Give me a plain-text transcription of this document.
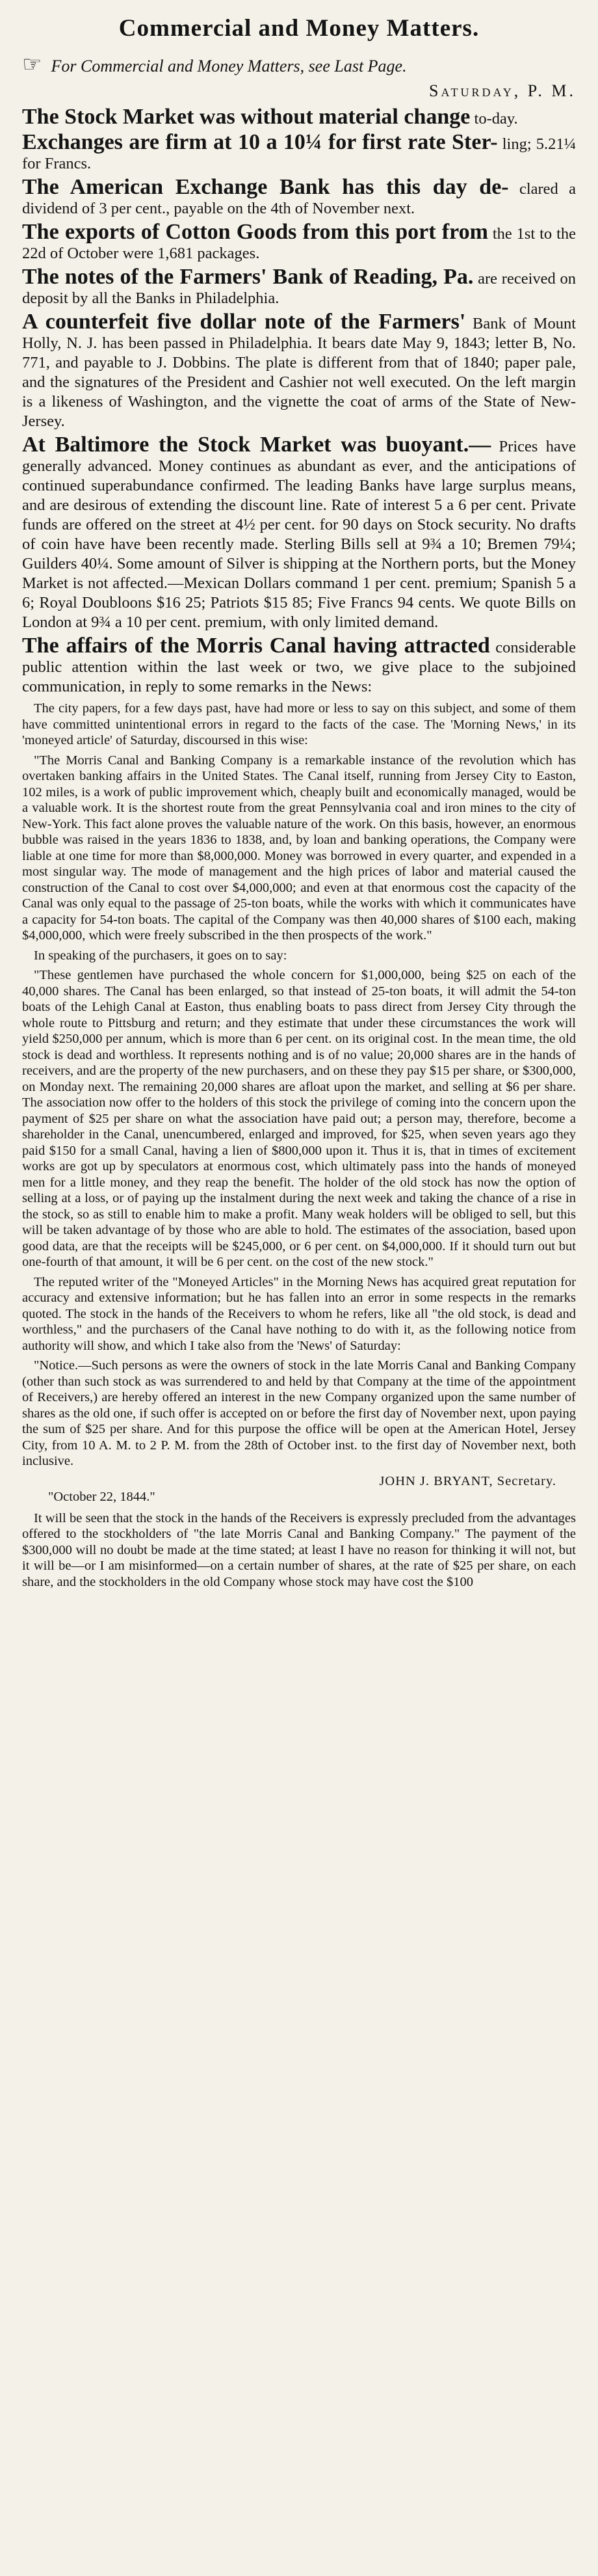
Commercial and Money Matters.
☞ For Commercial and Money Matters, see Last Page.
Saturday, P. M.

The Stock Market was without material change to-day.

Exchanges are firm at 10 a 10¼ for first rate Ster- ling; 5.21¼ for Francs.

The American Exchange Bank has this day de- clared a dividend of 3 per cent., payable on the 4th of November next.

The exports of Cotton Goods from this port from the 1st to the 22d of October were 1,681 packages.

The notes of the Farmers' Bank of Reading, Pa. are received on deposit by all the Banks in Philadelphia.

A counterfeit five dollar note of the Farmers' Bank of Mount Holly, N. J. has been passed in Philadelphia. It bears date May 9, 1843; letter B, No. 771, and payable to J. Dobbins. The plate is different from that of 1840; paper pale, and the signatures of the President and Cashier not well executed. On the left margin is a likeness of Washington, and the vignette the coat of arms of the State of New-Jersey.

At Baltimore the Stock Market was buoyant.— Prices have generally advanced. Money continues as abundant as ever, and the anticipations of continued superabundance confirmed. The leading Banks have large surplus means, and are desirous of extending the discount line. Rate of interest 5 a 6 per cent. Private funds are offered on the street at 4½ per cent. for 90 days on Stock security. No drafts of coin have have been recently made. Sterling Bills sell at 9¾ a 10; Bremen 79¼; Guilders 40¼. Some amount of Silver is shipping at the Northern ports, but the Money Market is not affected.—Mexican Dollars command 1 per cent. premium; Spanish 5 a 6; Royal Doubloons $16 25; Patriots $15 85; Five Francs 94 cents. We quote Bills on London at 9¾ a 10 per cent. premium, with only limited demand.

The affairs of the Morris Canal having attracted considerable public attention within the last week or two, we give place to the subjoined communication, in reply to some remarks in the News:

The city papers, for a few days past, have had more or less to say on this subject, and some of them have committed unintentional errors in regard to the facts of the case. The 'Morning News,' in its 'moneyed article' of Saturday, discoursed in this wise:

"The Morris Canal and Banking Company is a remarkable instance of the revolution which has overtaken banking affairs in the United States. The Canal itself, running from Jersey City to Easton, 102 miles, is a work of public improvement which, cheaply built and economically managed, would be a valuable work. It is the shortest route from the great Pennsylvania coal and iron mines to the city of New-York. This fact alone proves the valuable nature of the work. On this basis, however, an enormous bubble was raised in the years 1836 to 1838, and, by loan and banking operations, the Company were liable at one time for more than $8,000,000. Money was borrowed in every quarter, and expended in a most singular way. The mode of management and the high prices of labor and material caused the construction of the Canal to cost over $4,000,000; and even at that enormous cost the capacity of the Canal was only equal to the passage of 25-ton boats, while the works with which it communicates have a capacity for 54-ton boats. The capital of the Company was then 40,000 shares of $100 each, making $4,000,000, which were freely subscribed in the then prospects of the work."

In speaking of the purchasers, it goes on to say:

"These gentlemen have purchased the whole concern for $1,000,000, being $25 on each of the 40,000 shares. The Canal has been enlarged, so that instead of 25-ton boats, it will admit the 54-ton boats of the Lehigh Canal at Easton, thus enabling boats to pass direct from Jersey City through the whole route to Pittsburg and return; and they estimate that under these circumstances the work will yield $250,000 per annum, which is more than 6 per cent. on its original cost. In the mean time, the old stock is dead and worthless. It represents nothing and is of no value; 20,000 shares are in the hands of receivers, and are the property of the new purchasers, and on these they pay $15 per share, or $300,000, on Monday next. The remaining 20,000 shares are afloat upon the market, and selling at $6 per share. The association now offer to the holders of this stock the privilege of coming into the concern upon the payment of $25 per share on what the association have paid out; a person may, therefore, become a shareholder in the Canal, unencumbered, enlarged and improved, for $25, when seven years ago they paid $150 for a small Canal, having a lien of $800,000 upon it. Thus it is, that in times of excitement works are got up by speculators at enormous cost, which ultimately pass into the hands of moneyed men for a little money, and they reap the benefit. The holder of the old stock has now the option of selling at a loss, or of paying up the instalment during the next week and taking the chance of a rise in the stock, so as still to enable him to make a profit. Many weak holders will be obliged to sell, but this will be taken advantage of by those who are able to hold. The estimates of the association, based upon good data, are that the receipts will be $245,000, or 6 per cent. on $4,000,000. If it should turn out but one-fourth of that amount, it will be 6 per cent. on the cost of the new stock."

The reputed writer of the "Moneyed Articles" in the Morning News has acquired great reputation for accuracy and extensive information; but he has fallen into an error in some respects in the remarks quoted. The stock in the hands of the Receivers to whom he refers, like all "the old stock, is dead and worthless," and the purchasers of the Canal have nothing to do with it, as the following notice from authority will show, and which I take also from the 'News' of Saturday:

"Notice.—Such persons as were the owners of stock in the late Morris Canal and Banking Company (other than such stock as was surrendered to and held by that Company at the time of the appointment of Receivers,) are hereby offered an interest in the new Company organized upon the same number of shares as the old one, if such offer is accepted on or before the first day of November next, upon paying the sum of $25 per share. And for this purpose the office will be open at the American Hotel, Jersey City, from 10 A. M. to 2 P. M. from the 28th of October inst. to the first day of November next, both inclusive.

JOHN J. BRYANT, Secretary.

"October 22, 1844."

It will be seen that the stock in the hands of the Receivers is expressly precluded from the advantages offered to the stockholders of "the late Morris Canal and Banking Company." The payment of the $300,000 will no doubt be made at the time stated; at least I have no reason for thinking it will not, but it will be—or I am misinformed—on a certain number of shares, at the rate of $25 per share, on each share, and the stockholders in the old Company whose stock may have cost the $100
